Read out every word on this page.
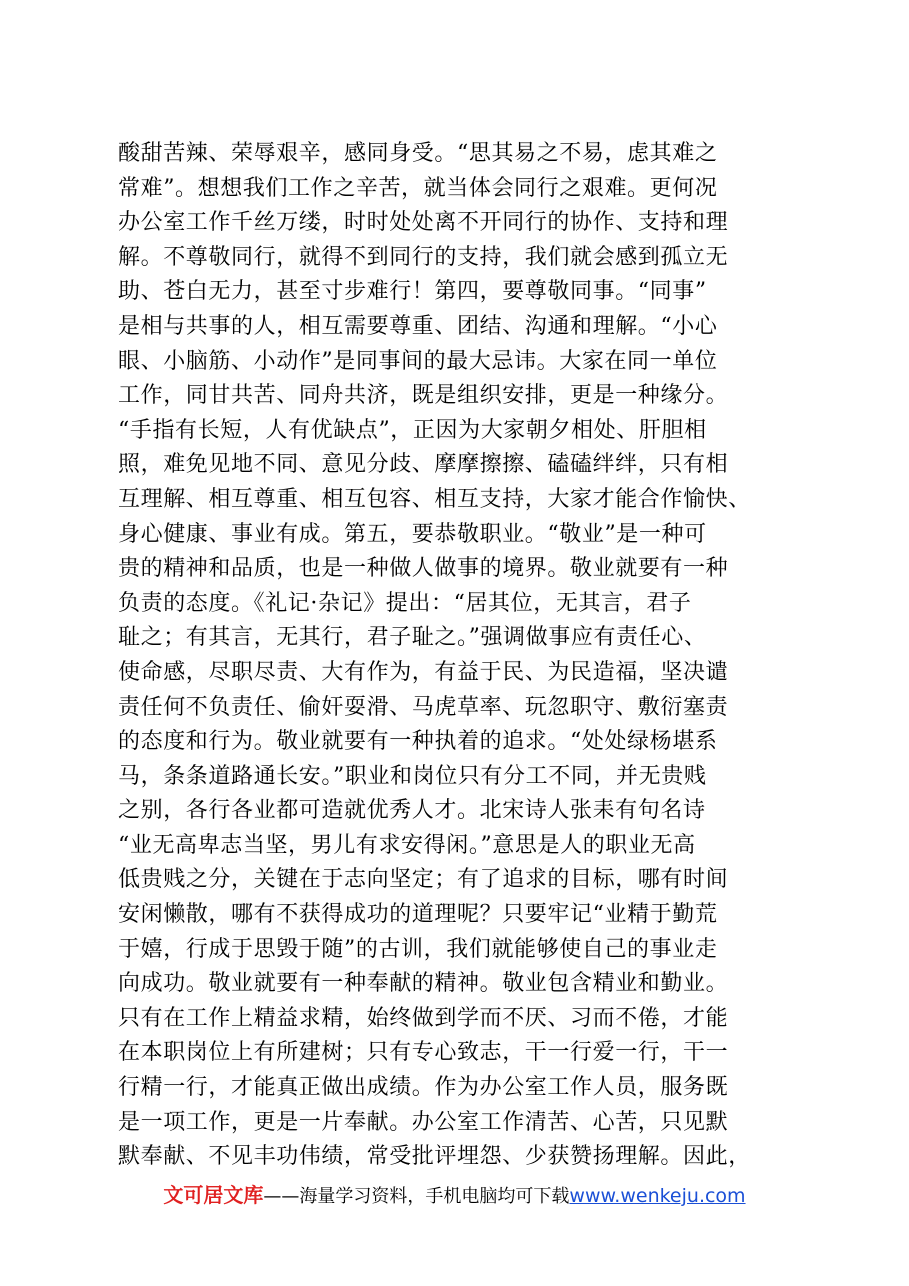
酸甜苦辣、荣辱艰辛，感同身受。“思其易之不易，虑其难之
常难”。想想我们工作之辛苦，就当体会同行之艰难。更何况
办公室工作千丝万缕，时时处处离不开同行的协作、支持和理
解。不尊敬同行，就得不到同行的支持，我们就会感到孤立无
助、苍白无力，甚至寸步难行！第四，要尊敬同事。“同事”
是相与共事的人，相互需要尊重、团结、沟通和理解。“小心
眼、小脑筋、小动作”是同事间的最大忌讳。大家在同一单位
工作，同甘共苦、同舟共济，既是组织安排，更是一种缘分。
“手指有长短，人有优缺点”，正因为大家朝夕相处、肝胆相
照，难免见地不同、意见分歧、摩摩擦擦、磕磕绊绊，只有相
互理解、相互尊重、相互包容、相互支持，大家才能合作愉快、
身心健康、事业有成。第五，要恭敬职业。“敬业”是一种可
贵的精神和品质，也是一种做人做事的境界。敬业就要有一种
负责的态度。《礼记·杂记》提出：“居其位，无其言，君子
耻之；有其言，无其行，君子耻之。”强调做事应有责任心、
使命感，尽职尽责、大有作为，有益于民、为民造福，坚决谴
责任何不负责任、偷奸耍滑、马虎草率、玩忽职守、敷衍塞责
的态度和行为。敬业就要有一种执着的追求。“处处绿杨堪系
马，条条道路通长安。”职业和岗位只有分工不同，并无贵贱
之别，各行各业都可造就优秀人才。北宋诗人张耒有句名诗
“业无高卑志当坚，男儿有求安得闲。”意思是人的职业无高
低贵贱之分，关键在于志向坚定；有了追求的目标，哪有时间
安闲懒散，哪有不获得成功的道理呢？只要牢记“业精于勤荒
于嬉，行成于思毁于随”的古训，我们就能够使自己的事业走
向成功。敬业就要有一种奉献的精神。敬业包含精业和勤业。
只有在工作上精益求精，始终做到学而不厌、习而不倦，才能
在本职岗位上有所建树；只有专心致志，干一行爱一行，干一
行精一行，才能真正做出成绩。作为办公室工作人员，服务既
是一项工作，更是一片奉献。办公室工作清苦、心苦，只见默
默奉献、不见丰功伟绩，常受批评埋怨、少获赞扬理解。因此，
文可居文库——海量学习资料，手机电脑均可下载www.wenkeju.com
